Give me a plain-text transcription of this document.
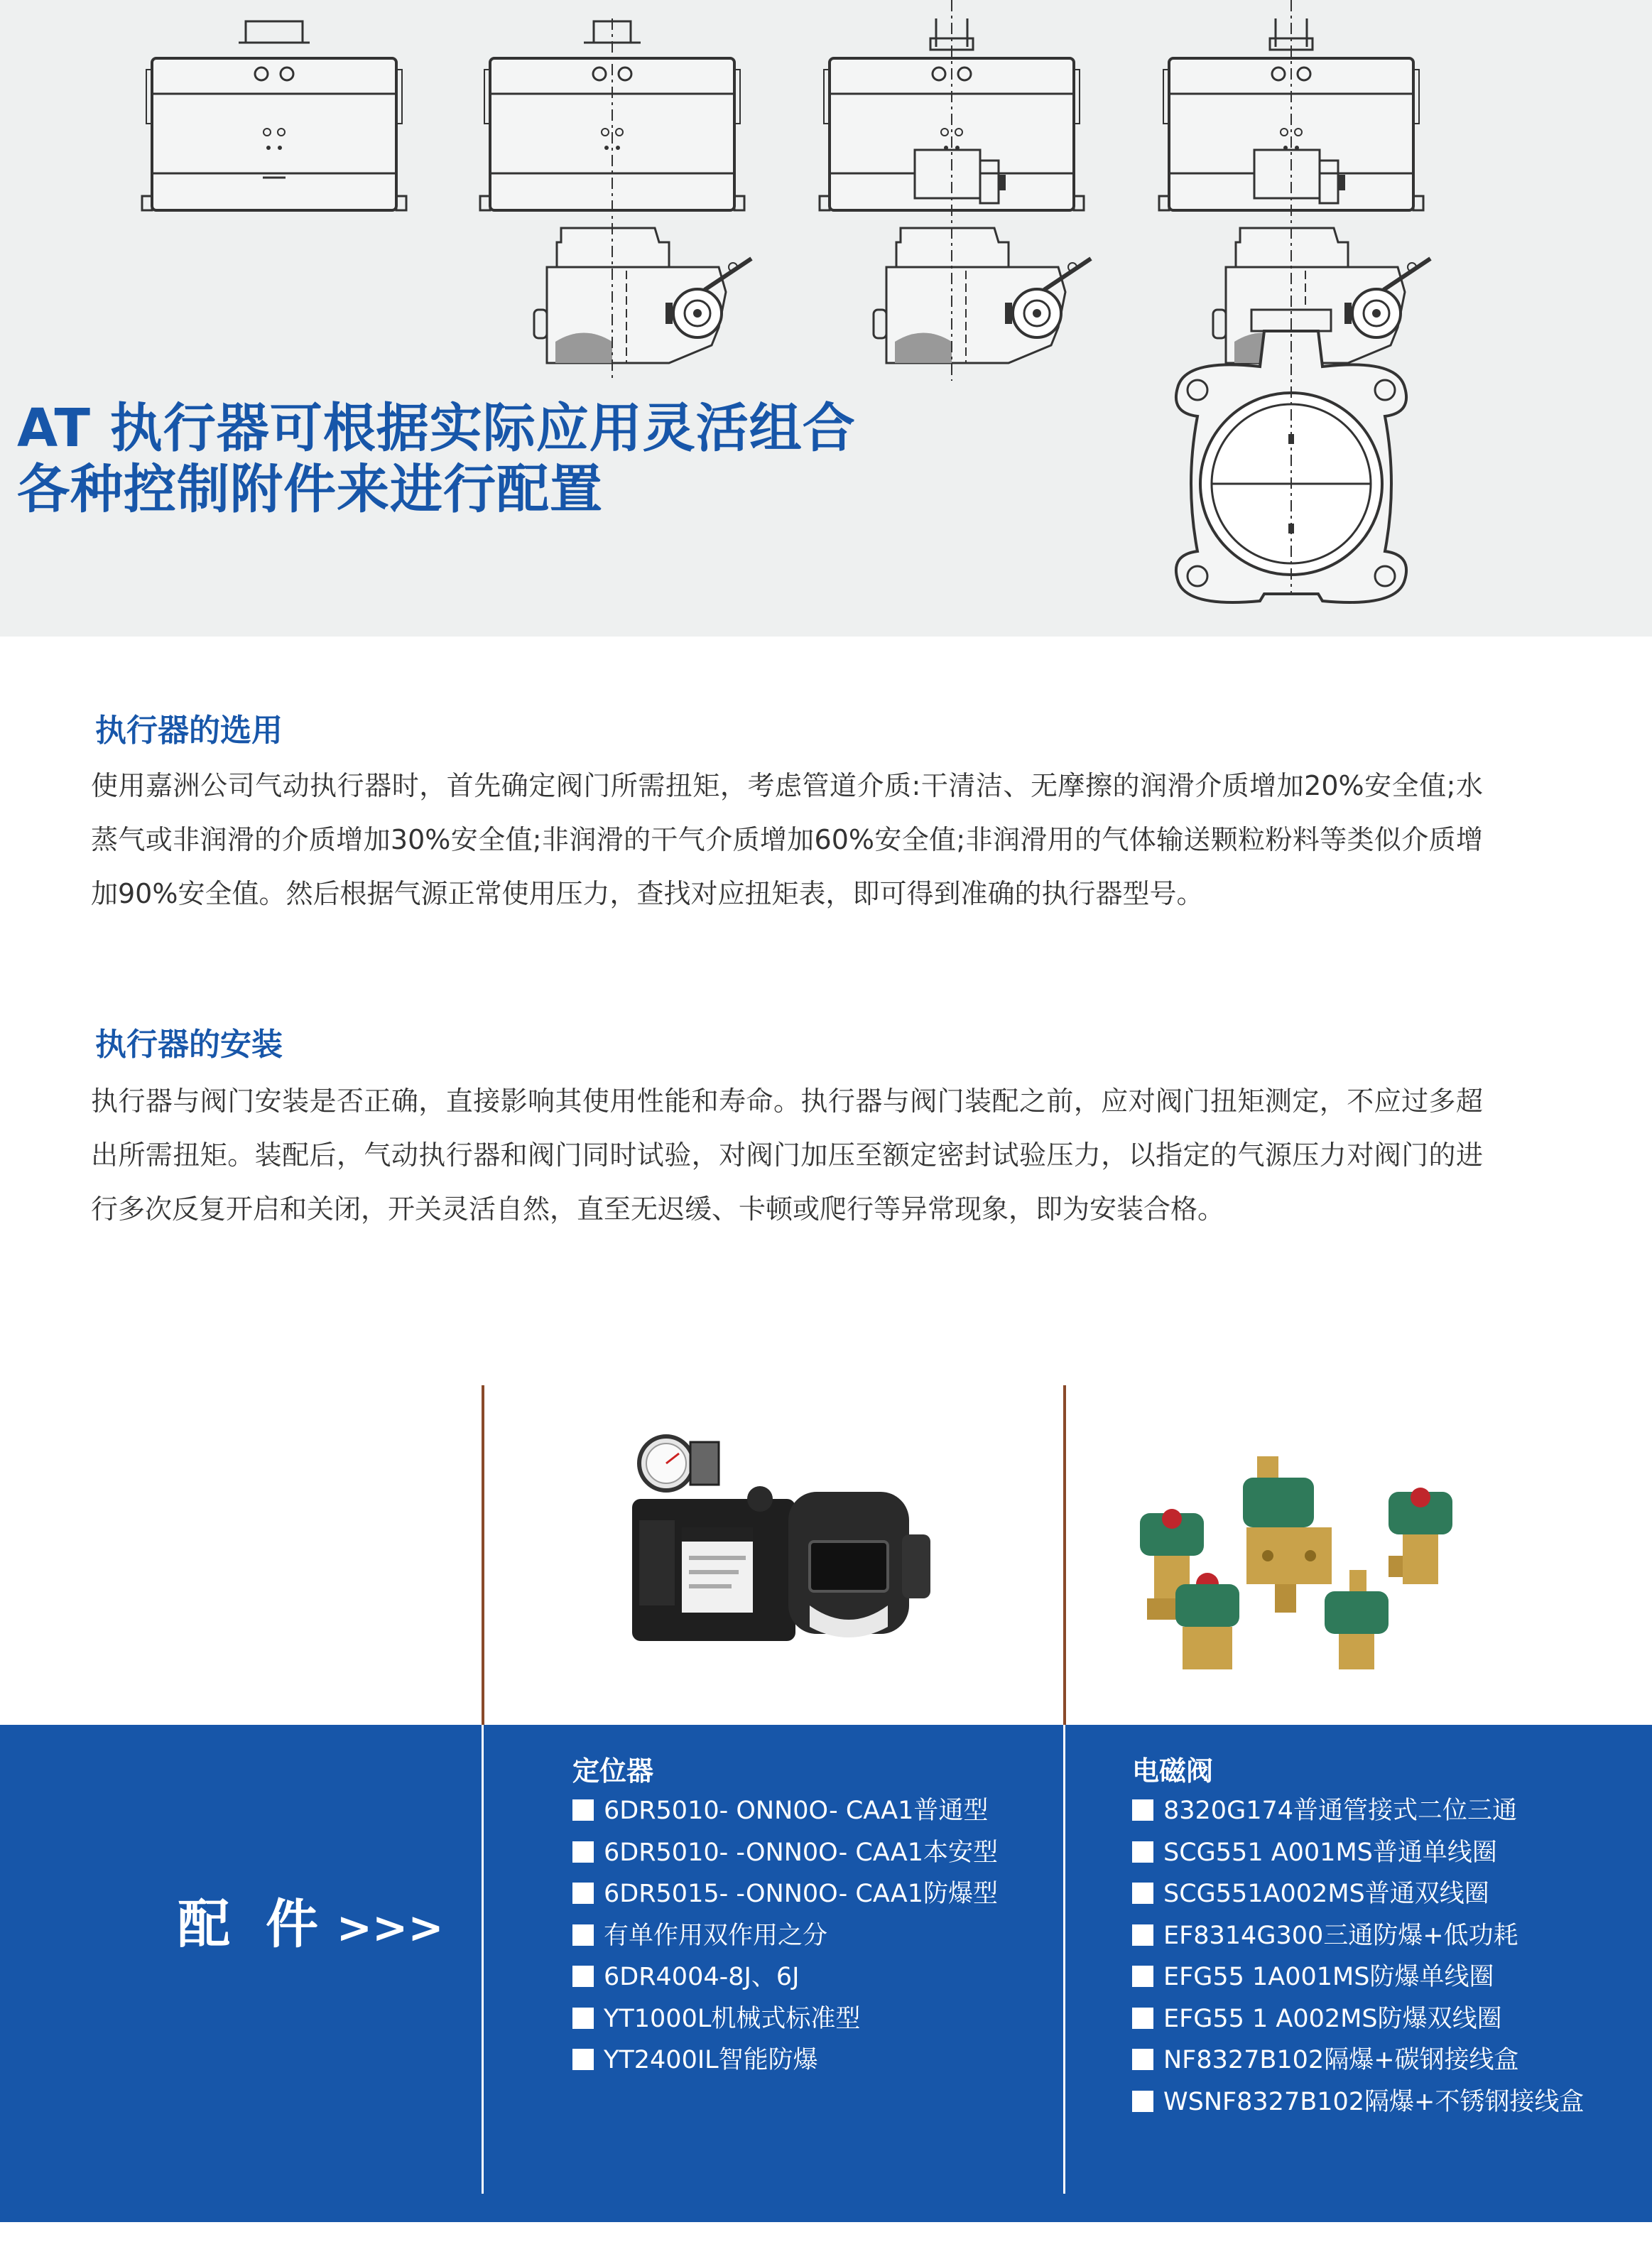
AT 执行器可根据实际应用灵活组合
各种控制附件来进行配置
执行器的选用
使用嘉洲公司气动执行器时，首先确定阀门所需扭矩，考虑管道介质:干清洁、无摩擦的润滑介质增加20%安全值;水蒸气或非润滑的介质增加30%安全值;非润滑的干气介质增加60%安全值;非润滑用的气体输送颗粒粉料等类似介质增加90%安全值。然后根据气源正常使用压力，查找对应扭矩表，即可得到准确的执行器型号。
执行器的安装
执行器与阀门安装是否正确，直接影响其使用性能和寿命。执行器与阀门装配之前，应对阀门扭矩测定，不应过多超出所需扭矩。装配后，气动执行器和阀门同时试验，对阀门加压至额定密封试验压力，以指定的气源压力对阀门的进行多次反复开启和关闭，开关灵活自然，直至无迟缓、卡顿或爬行等异常现象，即为安装合格。
配 件 >>>
定位器
6DR5010- ONN0O- CAA1普通型
6DR5010- -ONN0O- CAA1本安型
6DR5015- -ONN0O- CAA1防爆型
有单作用双作用之分
6DR4004-8J、6J
YT1000L机械式标准型
YT2400IL智能防爆
电磁阀
8320G174普通管接式二位三通
SCG551 A001MS普通单线圈
SCG551A002MS普通双线圈
EF8314G300三通防爆+低功耗
EFG55 1A001MS防爆单线圈
EFG55 1 A002MS防爆双线圈
NF8327B102隔爆+碳钢接线盒
WSNF8327B102隔爆+不锈钢接线盒
